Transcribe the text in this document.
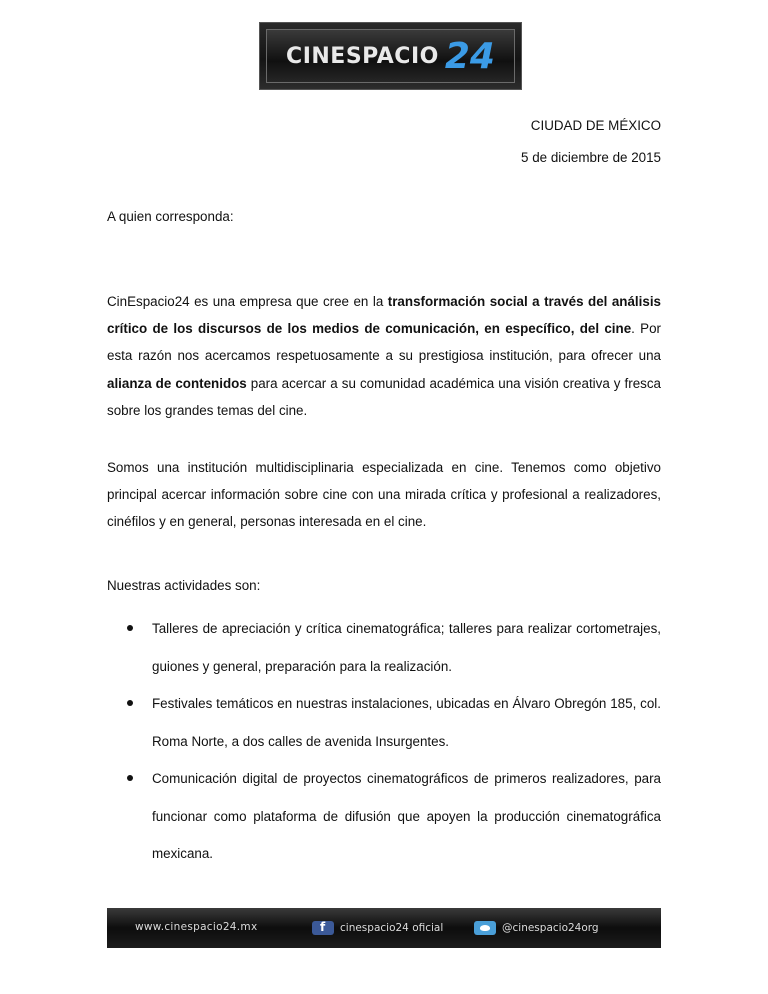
CINESPACIO 24
CIUDAD DE MÉXICO
5 de diciembre de 2015
A quien corresponda:
CinEspacio24 es una empresa que cree en la transformación social a través del análisis crítico de los discursos de los medios de comunicación, en específico, del cine. Por esta razón nos acercamos respetuosamente a su prestigiosa institución, para ofrecer una alianza de contenidos para acercar a su comunidad académica una visión creativa y fresca sobre los grandes temas del cine.
Somos una institución multidisciplinaria especializada en cine. Tenemos como objetivo principal acercar información sobre cine con una mirada crítica y profesional a realizadores, cinéfilos y en general, personas interesada en el cine.
Nuestras actividades son:
Talleres de apreciación y crítica cinematográfica; talleres para realizar cortometrajes, guiones y general, preparación para la realización.
Festivales temáticos en nuestras instalaciones, ubicadas en Álvaro Obregón 185, col. Roma Norte, a dos calles de avenida Insurgentes.
Comunicación digital de proyectos cinematográficos de primeros realizadores, para funcionar como plataforma de difusión que apoyen la producción cinematográfica mexicana.
www.cinespacio24.mx
f	cinespacio24 oficial	@cinespacio24org
